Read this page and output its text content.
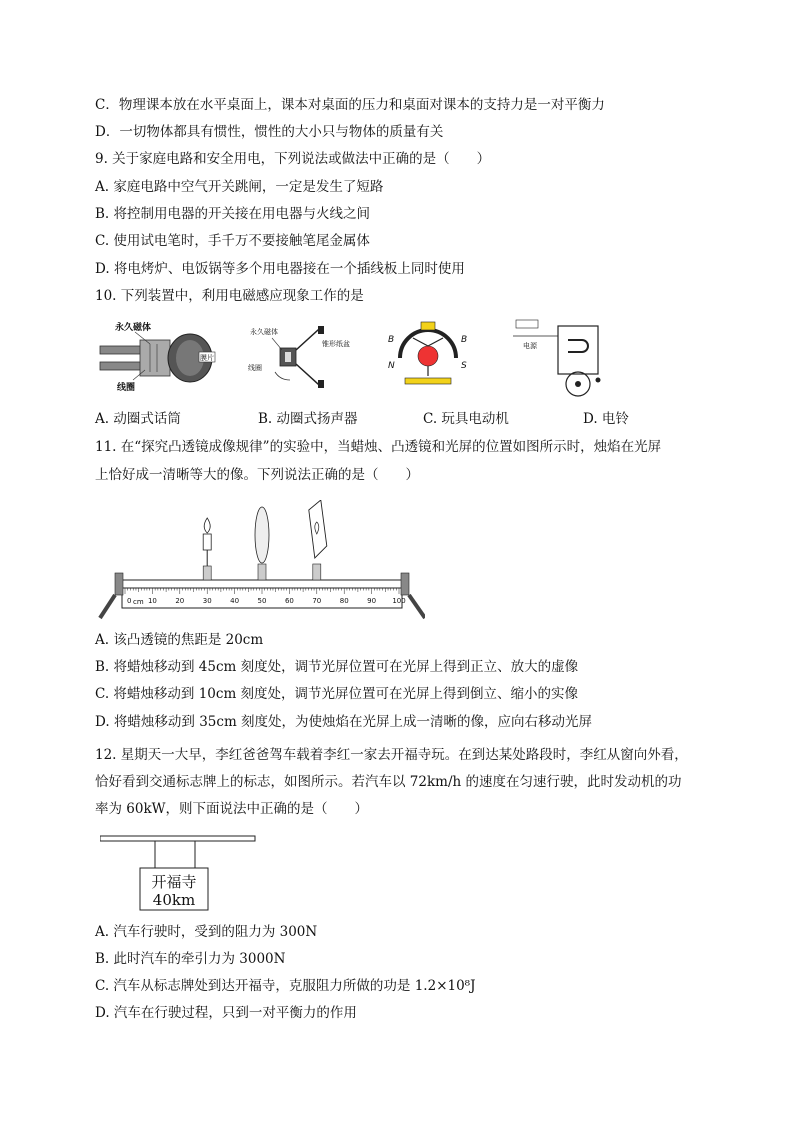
C．物理课本放在水平桌面上，课本对桌面的压力和桌面对课本的支持力是一对平衡力
D．一切物体都具有惯性，惯性的大小只与物体的质量有关
9. 关于家庭电路和安全用电，下列说法或做法中正确的是（　　）
A. 家庭电路中空气开关跳闸，一定是发生了短路
B. 将控制用电器的开关接在用电器与火线之间
C. 使用试电笔时，手千万不要接触笔尾金属体
D. 将电烤炉、电饭锅等多个用电器接在一个插线板上同时使用
10. 下列装置中，利用电磁感应现象工作的是
永久磁体
膜片
线圈
永久磁体
锥形纸盆
线圈
B	B
N	S
电源
A. 动圈式话筒	B. 动圈式扬声器	C. 玩具电动机	D. 电铃
11. 在“探究凸透镜成像规律”的实验中，当蜡烛、凸透镜和光屏的位置如图所示时，烛焰在光屏
上恰好成一清晰等大的像。下列说法正确的是（　　）
0 10	20	30	40	50	60	70	80	90 100
cm
A. 该凸透镜的焦距是 20cm
B. 将蜡烛移动到 45cm 刻度处，调节光屏位置可在光屏上得到正立、放大的虚像
C. 将蜡烛移动到 10cm 刻度处，调节光屏位置可在光屏上得到倒立、缩小的实像
D. 将蜡烛移动到 35cm 刻度处，为使烛焰在光屏上成一清晰的像，应向右移动光屏
12. 星期天一大早，李红爸爸驾车载着李红一家去开福寺玩。在到达某处路段时，李红从窗向外看，
恰好看到交通标志牌上的标志，如图所示。若汽车以 72km/h 的速度在匀速行驶，此时发动机的功
率为 60kW，则下面说法中正确的是（　　）
开福寺
40km
A. 汽车行驶时，受到的阻力为 300N
B. 此时汽车的牵引力为 3000N
C. 汽车从标志牌处到达开福寺，克服阻力所做的功是 1.2×10⁸J
D. 汽车在行驶过程，只到一对平衡力的作用
